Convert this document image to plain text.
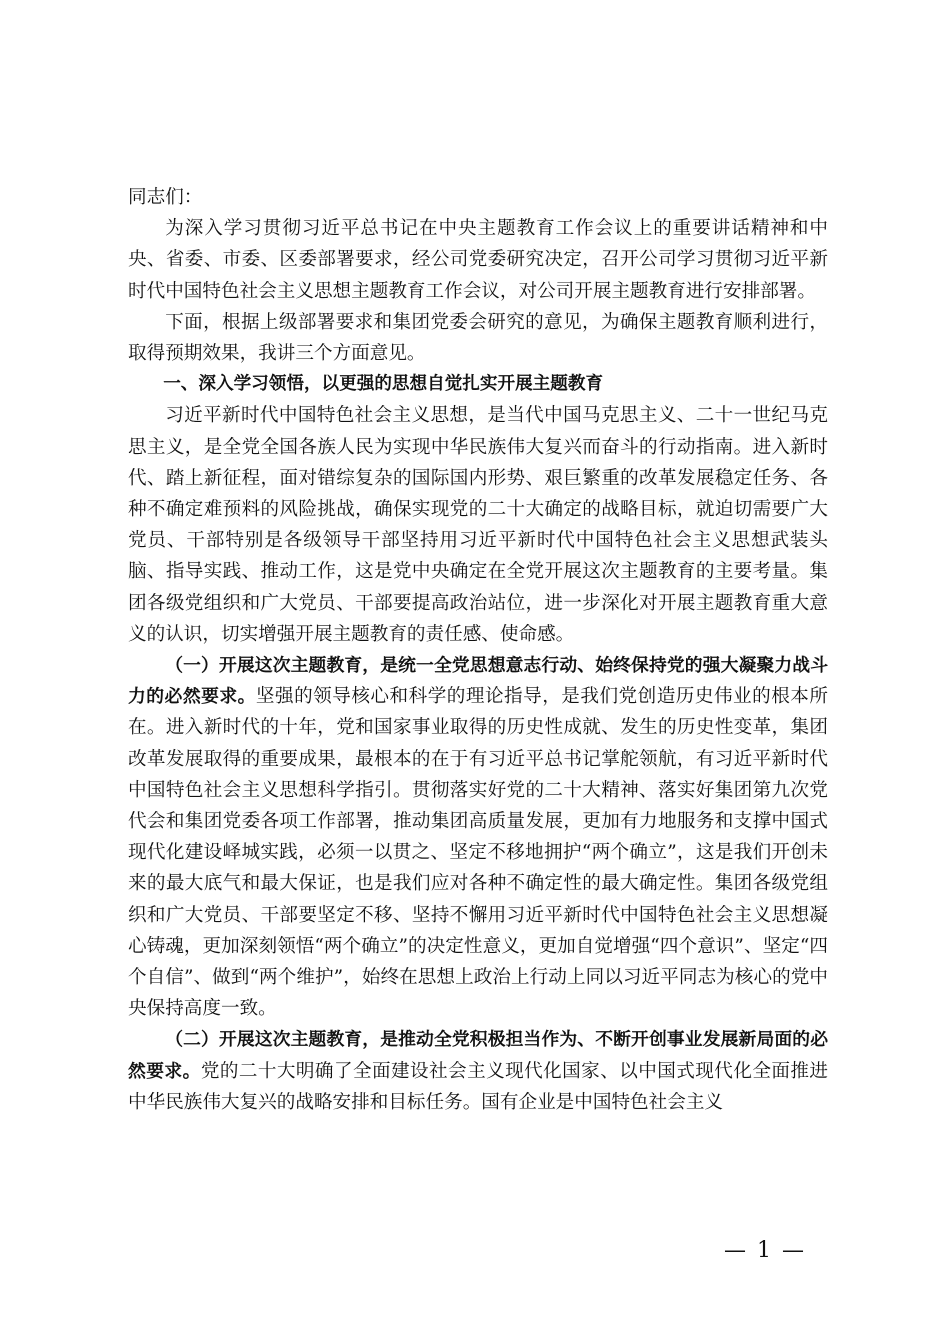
同志们：

为深入学习贯彻习近平总书记在中央主题教育工作会议上的重要讲话精神和中央、省委、市委、区委部署要求，经公司党委研究决定，召开公司学习贯彻习近平新时代中国特色社会主义思想主题教育工作会议，对公司开展主题教育进行安排部署。

下面，根据上级部署要求和集团党委会研究的意见，为确保主题教育顺利进行，取得预期效果，我讲三个方面意见。

一、深入学习领悟，以更强的思想自觉扎实开展主题教育

习近平新时代中国特色社会主义思想，是当代中国马克思主义、二十一世纪马克思主义，是全党全国各族人民为实现中华民族伟大复兴而奋斗的行动指南。进入新时代、踏上新征程，面对错综复杂的国际国内形势、艰巨繁重的改革发展稳定任务、各种不确定难预料的风险挑战，确保实现党的二十大确定的战略目标，就迫切需要广大党员、干部特别是各级领导干部坚持用习近平新时代中国特色社会主义思想武装头脑、指导实践、推动工作，这是党中央确定在全党开展这次主题教育的主要考量。集团各级党组织和广大党员、干部要提高政治站位，进一步深化对开展主题教育重大意义的认识，切实增强开展主题教育的责任感、使命感。

（一）开展这次主题教育，是统一全党思想意志行动、始终保持党的强大凝聚力战斗力的必然要求。坚强的领导核心和科学的理论指导，是我们党创造历史伟业的根本所在。进入新时代的十年，党和国家事业取得的历史性成就、发生的历史性变革，集团改革发展取得的重要成果，最根本的在于有习近平总书记掌舵领航，有习近平新时代中国特色社会主义思想科学指引。贯彻落实好党的二十大精神、落实好集团第九次党代会和集团党委各项工作部署，推动集团高质量发展，更加有力地服务和支撑中国式现代化建设峄城实践，必须一以贯之、坚定不移地拥护“两个确立”，这是我们开创未来的最大底气和最大保证，也是我们应对各种不确定性的最大确定性。集团各级党组织和广大党员、干部要坚定不移、坚持不懈用习近平新时代中国特色社会主义思想凝心铸魂，更加深刻领悟“两个确立”的决定性意义，更加自觉增强“四个意识”、坚定“四个自信”、做到“两个维护”，始终在思想上政治上行动上同以习近平同志为核心的党中央保持高度一致。

（二）开展这次主题教育，是推动全党积极担当作为、不断开创事业发展新局面的必然要求。党的二十大明确了全面建设社会主义现代化国家、以中国式现代化全面推进中华民族伟大复兴的战略安排和目标任务。国有企业是中国特色社会主义

— 1 —
